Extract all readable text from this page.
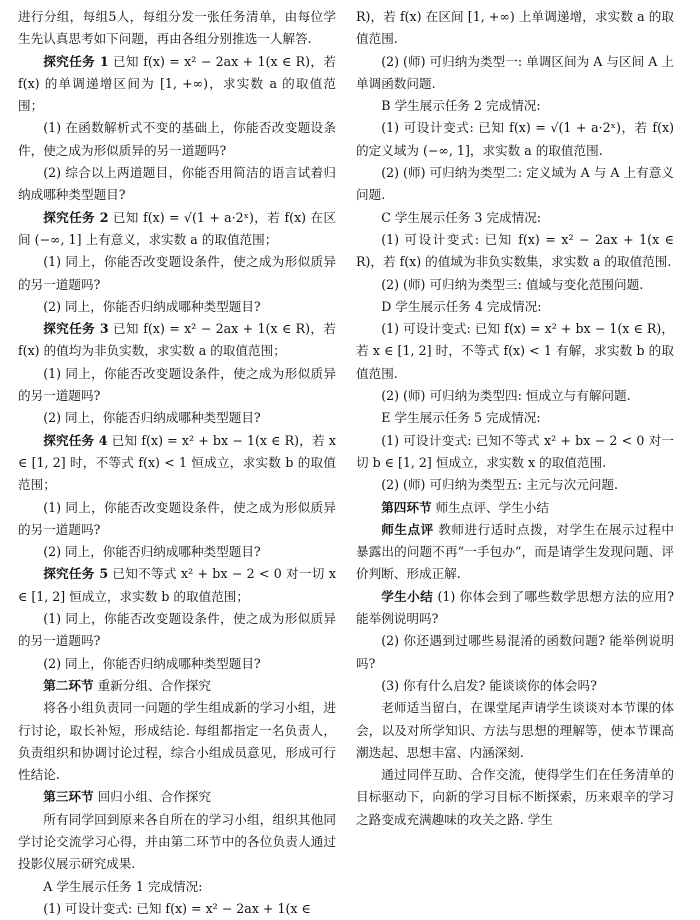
进行分组，每组5人，每组分发一张任务清单，由每位学生先认真思考如下问题，再由各组分别推选一人解答.

探究任务 1 已知 f(x) = x² − 2ax + 1(x ∈ R)，若 f(x) 的单调递增区间为 [1, +∞)，求实数 a 的取值范围；

(1) 在函数解析式不变的基础上，你能否改变题设条件，使之成为形似质异的另一道题吗?

(2) 综合以上两道题目，你能否用简洁的语言试着归纳成哪种类型题目?

探究任务 2 已知 f(x) = √(1 + a·2ˣ)，若 f(x) 在区间 (−∞, 1] 上有意义，求实数 a 的取值范围；

(1) 同上，你能否改变题设条件，使之成为形似质异的另一道题吗?

(2) 同上，你能否归纳成哪种类型题目?

探究任务 3 已知 f(x) = x² − 2ax + 1(x ∈ R)，若 f(x) 的值均为非负实数，求实数 a 的取值范围；

(1) 同上，你能否改变题设条件，使之成为形似质异的另一道题吗?

(2) 同上，你能否归纳成哪种类型题目?

探究任务 4 已知 f(x) = x² + bx − 1(x ∈ R)，若 x ∈ [1, 2] 时，不等式 f(x) < 1 恒成立，求实数 b 的取值范围；

(1) 同上，你能否改变题设条件，使之成为形似质异的另一道题吗?

(2) 同上，你能否归纳成哪种类型题目?

探究任务 5 已知不等式 x² + bx − 2 < 0 对一切 x ∈ [1, 2] 恒成立，求实数 b 的取值范围；

(1) 同上，你能否改变题设条件，使之成为形似质异的另一道题吗?

(2) 同上，你能否归纳成哪种类型题目?

第二环节 重新分组、合作探究

将各小组负责同一问题的学生组成新的学习小组，进行讨论，取长补短，形成结论. 每组都指定一名负责人，负责组织和协调讨论过程，综合小组成员意见，形成可行性结论.

第三环节 回归小组、合作探究

所有同学回到原来各自所在的学习小组，组织其他同学讨论交流学习心得，并由第二环节中的各位负责人通过投影仪展示研究成果.

A 学生展示任务 1 完成情况:

(1) 可设计变式: 已知 f(x) = x² − 2ax + 1(x ∈

R)，若 f(x) 在区间 [1, +∞) 上单调递增，求实数 a 的取值范围.

(2) (师) 可归纳为类型一: 单调区间为 A 与区间 A 上单调函数问题.

B 学生展示任务 2 完成情况:

(1) 可设计变式: 已知 f(x) = √(1 + a·2ˣ)，若 f(x) 的定义域为 (−∞, 1]，求实数 a 的取值范围.

(2) (师) 可归纳为类型二: 定义域为 A 与 A 上有意义问题.

C 学生展示任务 3 完成情况:

(1) 可设计变式: 已知 f(x) = x² − 2ax + 1(x ∈ R)，若 f(x) 的值域为非负实数集，求实数 a 的取值范围.

(2) (师) 可归纳为类型三: 值域与变化范围问题.

D 学生展示任务 4 完成情况:

(1) 可设计变式: 已知 f(x) = x² + bx − 1(x ∈ R)，若 x ∈ [1, 2] 时，不等式 f(x) < 1 有解，求实数 b 的取值范围.

(2) (师) 可归纳为类型四: 恒成立与有解问题.

E 学生展示任务 5 完成情况:

(1) 可设计变式: 已知不等式 x² + bx − 2 < 0 对一切 b ∈ [1, 2] 恒成立，求实数 x 的取值范围.

(2) (师) 可归纳为类型五: 主元与次元问题.

第四环节 师生点评、学生小结

师生点评 教师进行适时点拨，对学生在展示过程中暴露出的问题不再“一手包办”，而是请学生发现问题、评价判断、形成正解.

学生小结 (1) 你体会到了哪些数学思想方法的应用? 能举例说明吗?

(2) 你还遇到过哪些易混淆的函数问题? 能举例说明吗?

(3) 你有什么启发? 能谈谈你的体会吗?

老师适当留白，在课堂尾声请学生谈谈对本节课的体会，以及对所学知识、方法与思想的理解等，使本节课高潮迭起、思想丰富、内涵深刻.

通过同伴互助、合作交流，使得学生们在任务清单的目标驱动下，向新的学习目标不断探索，历来艰辛的学习之路变成充满趣味的攻关之路. 学生
